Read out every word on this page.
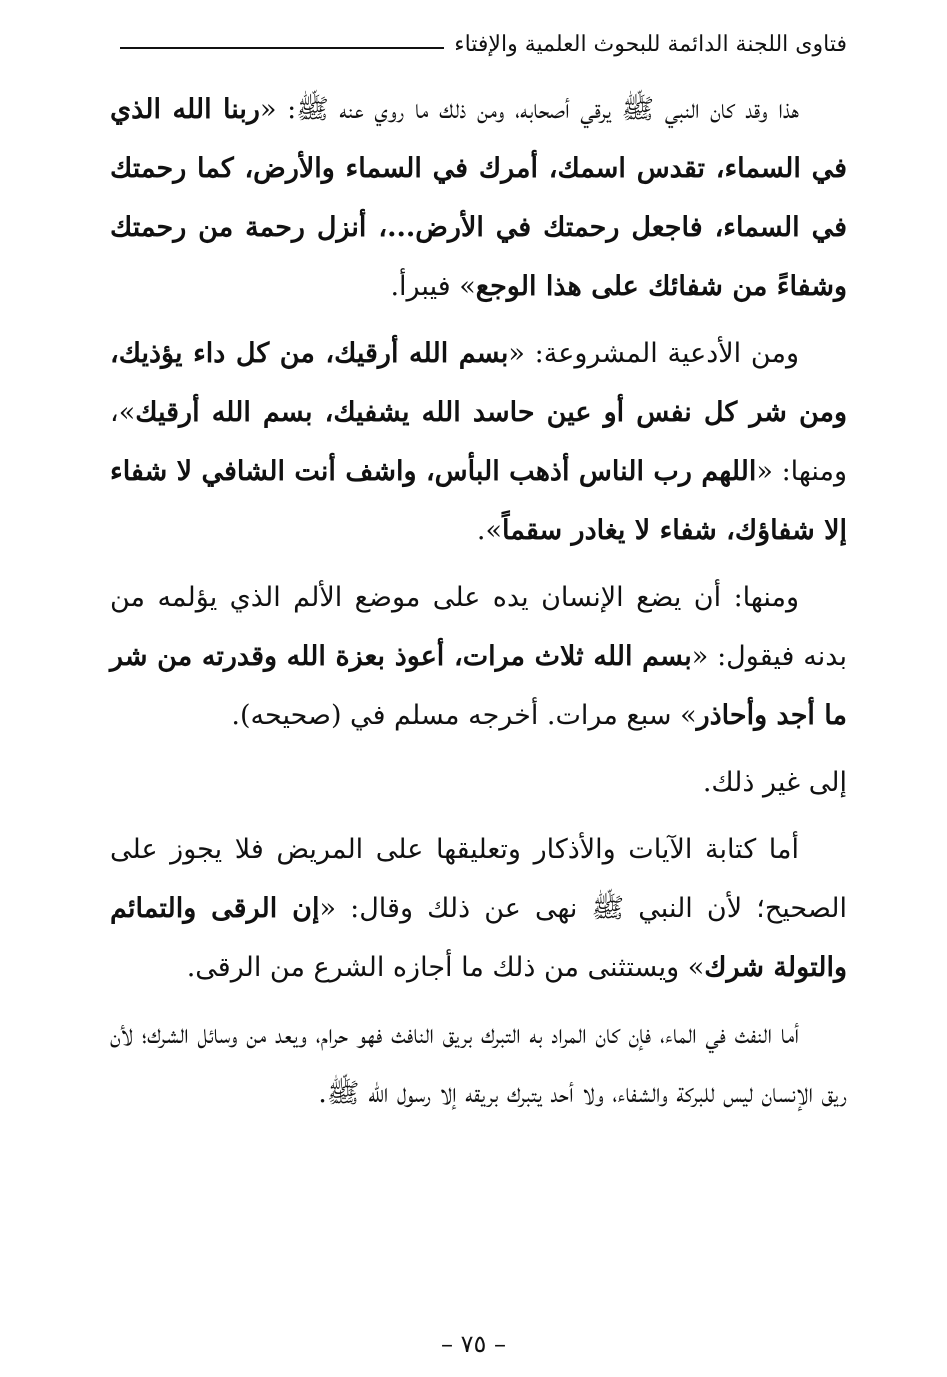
فتاوى اللجنة الدائمة للبحوث العلمية والإفتاء

هذا وقد كان النبي ﷺ يرقي أصحابه، ومن ذلك ما روي عنه ﷺ: «ربنا الله الذي في السماء، تقدس اسمك، أمرك في السماء والأرض، كما رحمتك في السماء، فاجعل رحمتك في الأرض...، أنزل رحمة من رحمتك وشفاءً من شفائك على هذا الوجع» فيبرأ.

ومن الأدعية المشروعة: «بسم الله أرقيك، من كل داء يؤذيك، ومن شر كل نفس أو عين حاسد الله يشفيك، بسم الله أرقيك»، ومنها: «اللهم رب الناس أذهب البأس، واشف أنت الشافي لا شفاء إلا شفاؤك، شفاء لا يغادر سقماً».

ومنها: أن يضع الإنسان يده على موضع الألم الذي يؤلمه من بدنه فيقول: «بسم الله ثلاث مرات، أعوذ بعزة الله وقدرته من شر ما أجد وأحاذر» سبع مرات. أخرجه مسلم في (صحيحه).

إلى غير ذلك.

أما كتابة الآيات والأذكار وتعليقها على المريض فلا يجوز على الصحيح؛ لأن النبي ﷺ نهى عن ذلك وقال: «إن الرقى والتمائم والتولة شرك» ويستثنى من ذلك ما أجازه الشرع من الرقى.

أما النفث في الماء، فإن كان المراد به التبرك بريق النافث فهو حرام، ويعد من وسائل الشرك؛ لأن ريق الإنسان ليس للبركة والشفاء، ولا أحد يتبرك بريقه إلا رسول الله ﷺ.

– ٧٥ –
